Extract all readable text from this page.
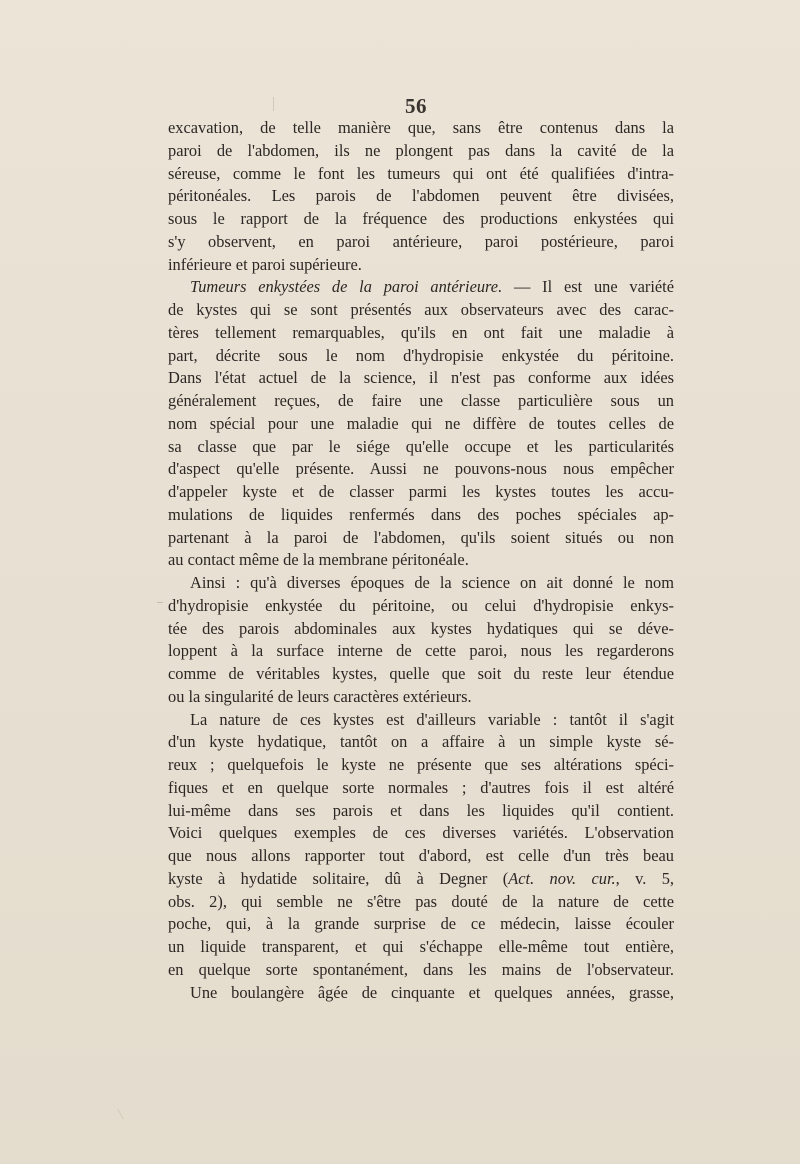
56
excavation, de telle manière que, sans être contenus dans la
paroi de l'abdomen, ils ne plongent pas dans la cavité de la
séreuse, comme le font les tumeurs qui ont été qualifiées d'intra-
péritonéales. Les parois de l'abdomen peuvent être divisées,
sous le rapport de la fréquence des productions enkystées qui
s'y observent, en paroi antérieure, paroi postérieure, paroi
inférieure et paroi supérieure.
Tumeurs enkystées de la paroi antérieure. — Il est une variété
de kystes qui se sont présentés aux observateurs avec des carac-
tères tellement remarquables, qu'ils en ont fait une maladie à
part, décrite sous le nom d'hydropisie enkystée du péritoine.
Dans l'état actuel de la science, il n'est pas conforme aux idées
généralement reçues, de faire une classe particulière sous un
nom spécial pour une maladie qui ne diffère de toutes celles de
sa classe que par le siége qu'elle occupe et les particularités
d'aspect qu'elle présente. Aussi ne pouvons-nous nous empêcher
d'appeler kyste et de classer parmi les kystes toutes les accu-
mulations de liquides renfermés dans des poches spéciales ap-
partenant à la paroi de l'abdomen, qu'ils soient situés ou non
au contact même de la membrane péritonéale.
Ainsi : qu'à diverses époques de la science on ait donné le nom
d'hydropisie enkystée du péritoine, ou celui d'hydropisie enkys-
tée des parois abdominales aux kystes hydatiques qui se déve-
loppent à la surface interne de cette paroi, nous les regarderons
comme de véritables kystes, quelle que soit du reste leur étendue
ou la singularité de leurs caractères extérieurs.
La nature de ces kystes est d'ailleurs variable : tantôt il s'agit
d'un kyste hydatique, tantôt on a affaire à un simple kyste sé-
reux ; quelquefois le kyste ne présente que ses altérations spéci-
fiques et en quelque sorte normales ; d'autres fois il est altéré
lui-même dans ses parois et dans les liquides qu'il contient.
Voici quelques exemples de ces diverses variétés. L'observation
que nous allons rapporter tout d'abord, est celle d'un très beau
kyste à hydatide solitaire, dû à Degner (Act. nov. cur., v. 5,
obs. 2), qui semble ne s'être pas douté de la nature de cette
poche, qui, à la grande surprise de ce médecin, laisse écouler
un liquide transparent, et qui s'échappe elle-même tout entière,
en quelque sorte spontanément, dans les mains de l'observateur.
Une boulangère âgée de cinquante et quelques années, grasse,
